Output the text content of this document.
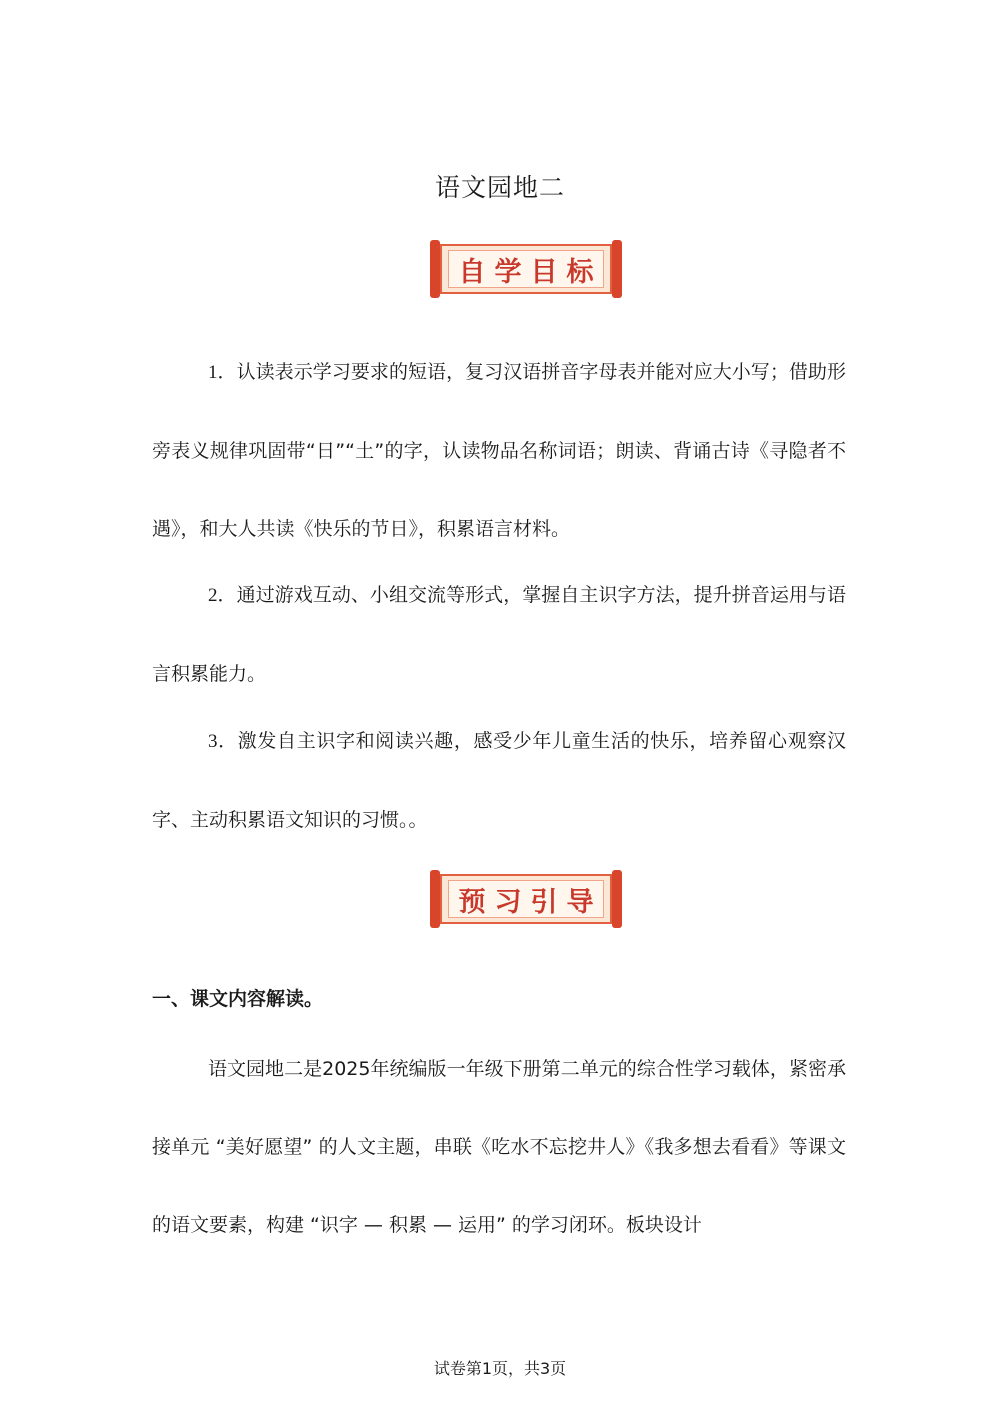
语文园地二
自学目标
1．认读表示学习要求的短语，复习汉语拼音字母表并能对应大小写；借助形旁表义规律巩固带“日”“土”的字，认读物品名称词语；朗读、背诵古诗《寻隐者不遇》，和大人共读《快乐的节日》，积累语言材料。
2．通过游戏互动、小组交流等形式，掌握自主识字方法，提升拼音运用与语言积累能力。
3．激发自主识字和阅读兴趣，感受少年儿童生活的快乐，培养留心观察汉字、主动积累语文知识的习惯。。
预习引导
一、课文内容解读。
语文园地二是2025年统编版一年级下册第二单元的综合性学习载体，紧密承接单元 “美好愿望” 的人文主题，串联《吃水不忘挖井人》《我多想去看看》等课文的语文要素，构建 “识字 — 积累 — 运用” 的学习闭环。板块设计
试卷第1页，共3页
